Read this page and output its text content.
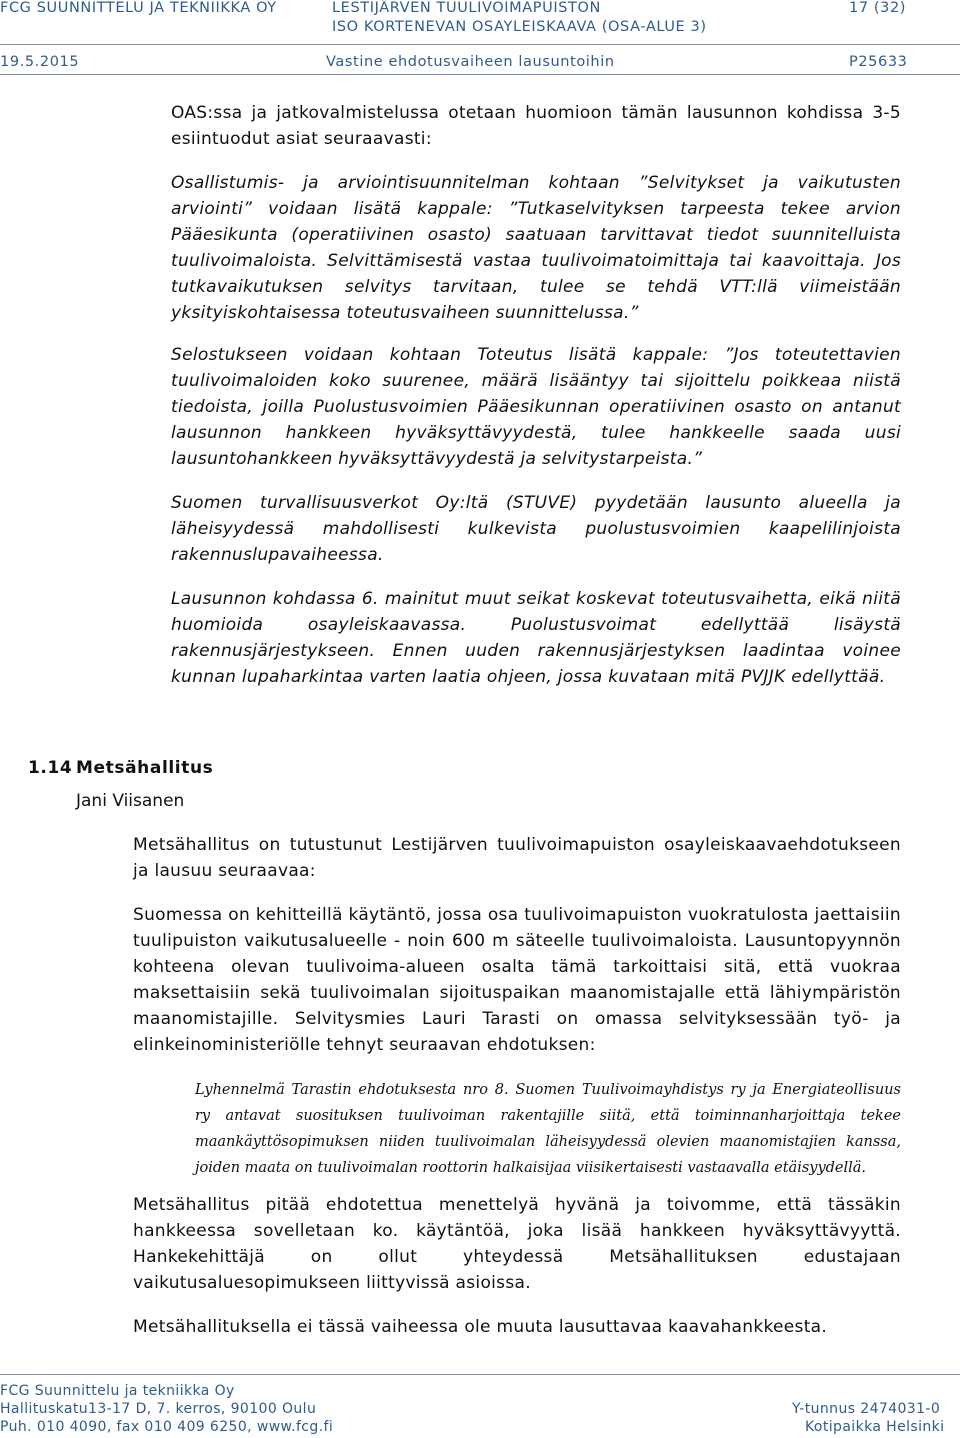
FCG SUUNNITTELU JA TEKNIIKKA OY	LESTIJÄRVEN TUULIVOIMAPUISTON	17 (32)
ISO KORTENEVAN OSAYLEISKAAVA (OSA-ALUE 3)
19.5.2015	Vastine ehdotusvaiheen lausuntoihin	P25633
OAS:ssa ja jatkovalmistelussa otetaan huomioon tämän lausunnon kohdissa 3-5 esiintuodut asiat seuraavasti:
Osallistumis- ja arviointisuunnitelman kohtaan ”Selvitykset ja vaikutusten arviointi” voidaan lisätä kappale: ”Tutkaselvityksen tarpeesta tekee arvion Pääesikunta (operatiivinen osasto) saatuaan tarvittavat tiedot suunnitelluista tuulivoimaloista. Selvittämisestä vastaa tuulivoimatoimittaja tai kaavoittaja. Jos tutkavaikutuksen selvitys tarvitaan, tulee se tehdä VTT:llä viimeistään yksityiskohtaisessa toteutusvaiheen suunnittelussa.”
Selostukseen voidaan kohtaan Toteutus lisätä kappale: ”Jos toteutettavien tuulivoimaloiden koko suurenee, määrä lisääntyy tai sijoittelu poikkeaa niistä tiedoista, joilla Puolustusvoimien Pääesikunnan operatiivinen osasto on antanut lausunnon hankkeen hyväksyttävyydestä, tulee hankkeelle saada uusi lausuntohankkeen hyväksyttävyydestä ja selvitystarpeista.”
Suomen turvallisuusverkot Oy:ltä (STUVE) pyydetään lausunto alueella ja läheisyydessä mahdollisesti kulkevista puolustusvoimien kaapelilinjoista rakennuslupavaiheessa.
Lausunnon kohdassa 6. mainitut muut seikat koskevat toteutusvaihetta, eikä niitä huomioida osayleiskaavassa. Puolustusvoimat edellyttää lisäystä rakennusjärjestykseen. Ennen uuden rakennusjärjestyksen laadintaa voinee kunnan lupaharkintaa varten laatia ohjeen, jossa kuvataan mitä PVJJK edellyttää.
1.14 Metsähallitus
Jani Viisanen
Metsähallitus on tutustunut Lestijärven tuulivoimapuiston osayleiskaavaehdotukseen ja lausuu seuraavaa:
Suomessa on kehitteillä käytäntö, jossa osa tuulivoimapuiston vuokratulosta jaettaisiin tuulipuiston vaikutusalueelle - noin 600 m säteelle tuulivoimaloista. Lausuntopyynnön kohteena olevan tuulivoima-alueen osalta tämä tarkoittaisi sitä, että vuokraa maksettaisiin sekä tuulivoimalan sijoituspaikan maanomistajalle että lähiympäristön maanomistajille. Selvitysmies Lauri Tarasti on omassa selvityksessään työ- ja elinkeinoministeriölle tehnyt seuraavan ehdotuksen:
Lyhennelmä Tarastin ehdotuksesta nro 8. Suomen Tuulivoimayhdistys ry ja Energiateollisuus ry antavat suosituksen tuulivoiman rakentajille siitä, että toiminnanharjoittaja tekee maankäyttösopimuksen niiden tuulivoimalan läheisyydessä olevien maanomistajien kanssa, joiden maata on tuulivoimalan roottorin halkaisijaa viisikertaisesti vastaavalla etäisyydellä.
Metsähallitus pitää ehdotettua menettelyä hyvänä ja toivomme, että tässäkin hankkeessa sovelletaan ko. käytäntöä, joka lisää hankkeen hyväksyttävyyttä. Hankekehittäjä on ollut yhteydessä Metsähallituksen edustajaan vaikutusaluesopimukseen liittyvissä asioissa.
Metsähallituksella ei tässä vaiheessa ole muuta lausuttavaa kaavahankkeesta.
FCG Suunnittelu ja tekniikka Oy
Hallituskatu13-17 D, 7. kerros, 90100 Oulu
Puh. 010 4090, fax 010 409 6250, www.fcg.fi
Y-tunnus 2474031-0
Kotipaikka Helsinki
